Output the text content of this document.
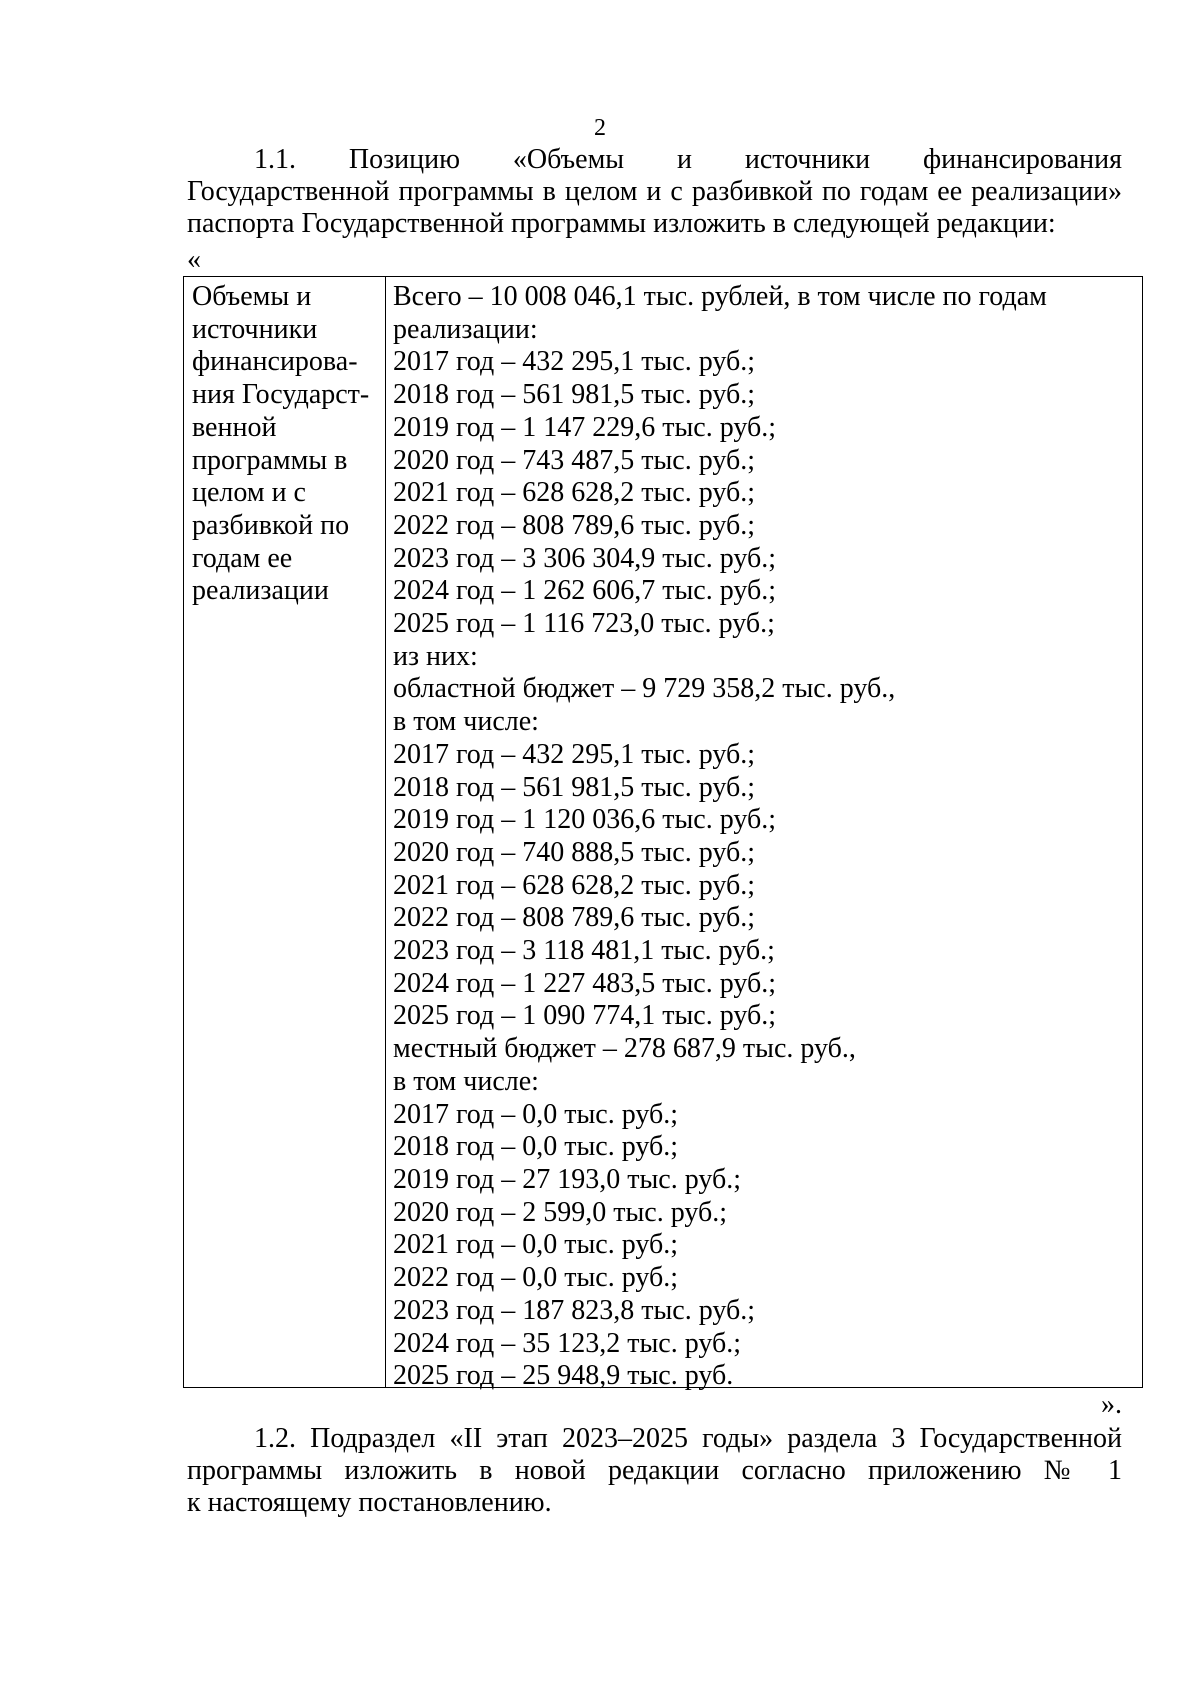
2
1.1. Позицию «Объемы и источники финансирования
Государственной программы в целом и с разбивкой по годам ее реализации»
паспорта Государственной программы изложить в следующей редакции:
«
Объемы и
источники
финансирова-
ния Государст-
венной
программы в
целом и с
разбивкой по
годам ее
реализации
Всего – 10 008 046,1 тыс. рублей, в том числе по годам
реализации:
2017 год – 432 295,1 тыс. руб.;
2018 год – 561 981,5 тыс. руб.;
2019 год – 1 147 229,6 тыс. руб.;
2020 год – 743 487,5 тыс. руб.;
2021 год – 628 628,2 тыс. руб.;
2022 год – 808 789,6 тыс. руб.;
2023 год – 3 306 304,9 тыс. руб.;
2024 год – 1 262 606,7 тыс. руб.;
2025 год – 1 116 723,0 тыс. руб.;
из них:
областной бюджет – 9 729 358,2 тыс. руб.,
в том числе:
2017 год – 432 295,1 тыс. руб.;
2018 год – 561 981,5 тыс. руб.;
2019 год – 1 120 036,6 тыс. руб.;
2020 год – 740 888,5 тыс. руб.;
2021 год – 628 628,2 тыс. руб.;
2022 год – 808 789,6 тыс. руб.;
2023 год – 3 118 481,1 тыс. руб.;
2024 год – 1 227 483,5 тыс. руб.;
2025 год – 1 090 774,1 тыс. руб.;
местный бюджет – 278 687,9 тыс. руб.,
в том числе:
2017 год – 0,0 тыс. руб.;
2018 год – 0,0 тыс. руб.;
2019 год – 27 193,0 тыс. руб.;
2020 год – 2 599,0 тыс. руб.;
2021 год – 0,0 тыс. руб.;
2022 год – 0,0 тыс. руб.;
2023 год – 187 823,8 тыс. руб.;
2024 год – 35 123,2 тыс. руб.;
2025 год – 25 948,9 тыс. руб.
».
1.2. Подраздел «II этап 2023–2025 годы» раздела 3 Государственной
программы изложить в новой редакции согласно приложению № 1
к настоящему постановлению.
